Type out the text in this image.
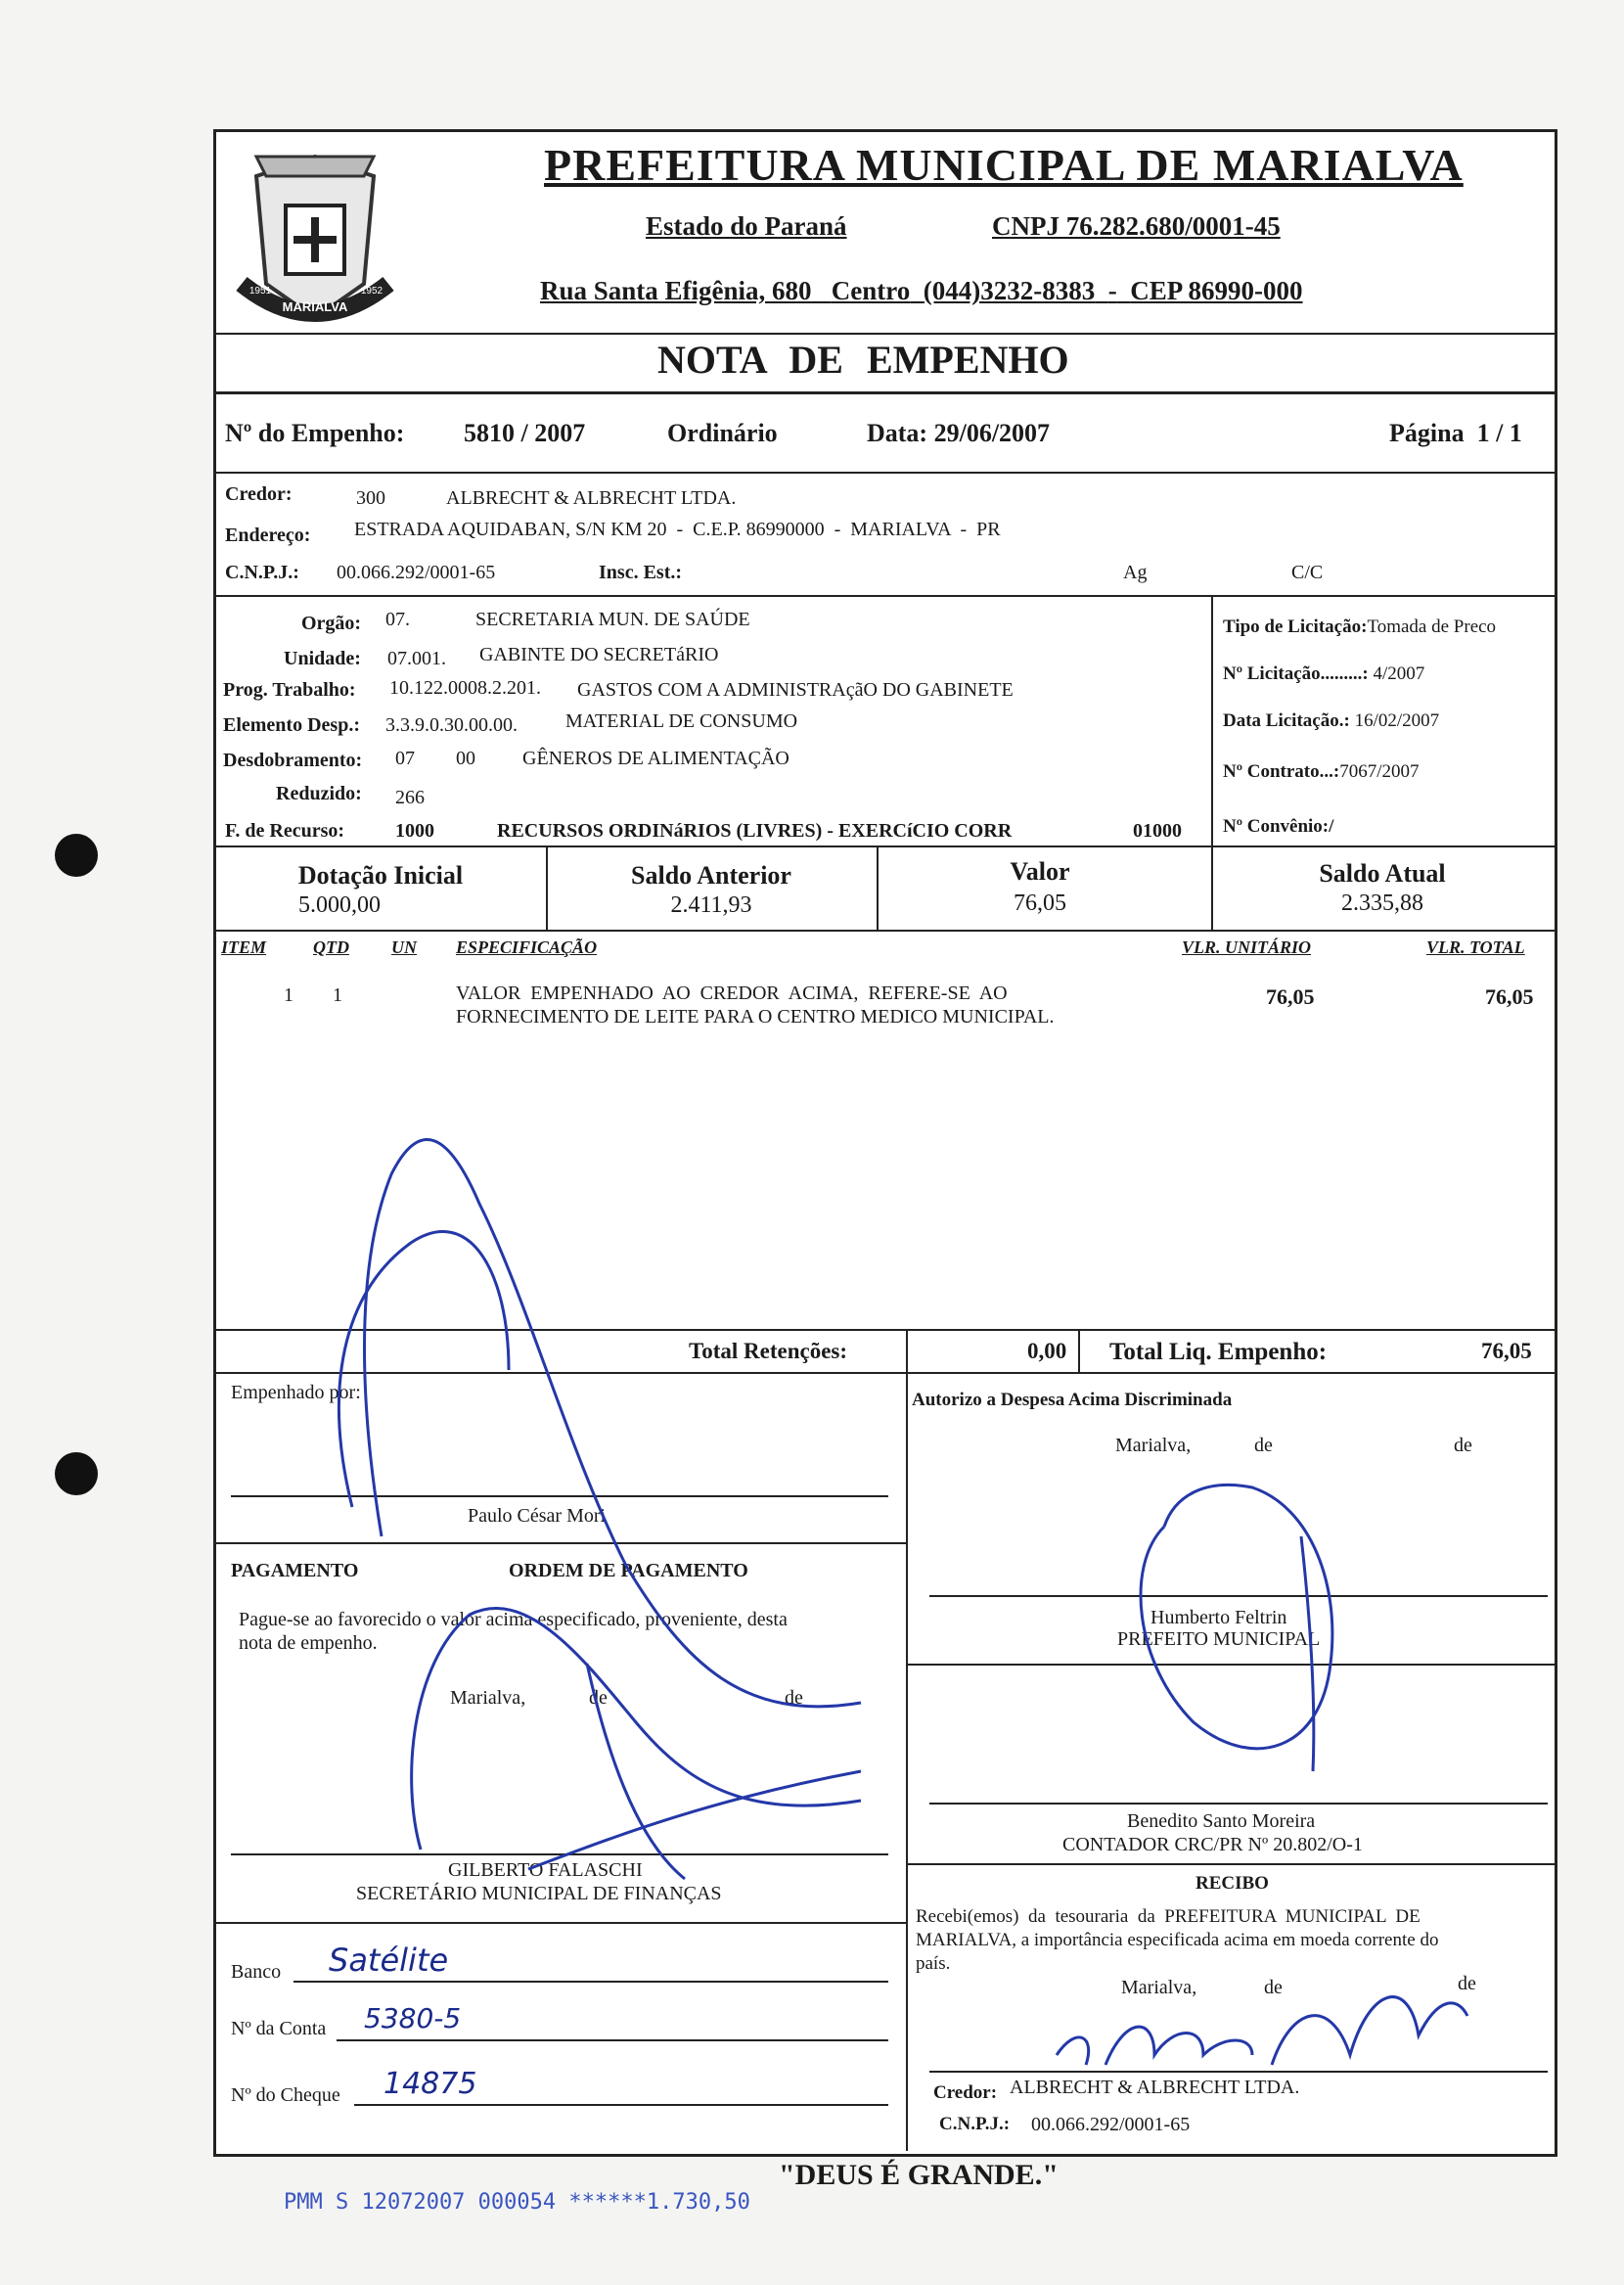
MARIALVA
1951	1952
PREFEITURA MUNICIPAL DE MARIALVA
Estado do Paraná	CNPJ 76.282.680/0001-45
Rua Santa Efigênia, 680 Centro (044)3232-8383 - CEP 86990-000
NOTA DE EMPENHO
Nº do Empenho: 5810 / 2007	Ordinário	Data: 29/06/2007	Página  1 / 1
Credor:	300	ALBRECHT & ALBRECHT LTDA.
Endereço: ESTRADA AQUIDABAN, S/N KM 20  -  C.E.P. 86990000  -  MARIALVA  -  PR
C.N.P.J.: 00.066.292/0001-65	Insc. Est.:	Ag	C/C
Orgão: 07.	SECRETARIA MUN. DE SAÚDE
Unidade: 07.001. GABINTE DO SECRETáRIO
Prog. Trabalho: 10.122.0008.2.201. GASTOS COM A ADMINISTRAçãO DO GABINETE
Elemento Desp.: 3.3.9.0.30.00.00. MATERIAL DE CONSUMO
Desdobramento: 07 00 GÊNEROS DE ALIMENTAÇÃO
Reduzido: 266
F. de Recurso:	1000	RECURSOS ORDINáRIOS (LIVRES) - EXERCíCIO CORR	01000
Tipo de Licitação:Tomada de Preco
Nº Licitação.........: 4/2007
Data Licitação.: 16/02/2007
Nº Contrato...:7067/2007
Nº Convênio:/
Dotação Inicial
5.000,00
Saldo Anterior
2.411,93
Valor
76,05
Saldo Atual
2.335,88
ITEM	QTD UN ESPECIFICAÇÃO	VLR. UNITÁRIO	VLR. TOTAL
1 1	VALOR  EMPENHADO  AO  CREDOR  ACIMA,  REFERE-SE  AO
FORNECIMENTO DE LEITE PARA O CENTRO MEDICO MUNICIPAL.
76,05	76,05
Total Retenções:	0,00 Total Liq. Empenho:	76,05
Empenhado por:
Paulo César Mori
PAGAMENTO	ORDEM DE PAGAMENTO
Pague-se ao favorecido o valor acima especificado, proveniente, desta
nota de empenho.
Marialva,	de	de
GILBERTO FALASCHI
SECRETÁRIO MUNICIPAL DE FINANÇAS
Banco Satélite
Nº da Conta 5380-5
Nº do Cheque 14875
Autorizo a Despesa Acima Discriminada
Marialva,	de	de
Humberto Feltrin
PREFEITO MUNICIPAL
Benedito Santo Moreira
CONTADOR CRC/PR Nº 20.802/O-1
RECIBO
Recebi(emos)  da  tesouraria  da  PREFEITURA  MUNICIPAL  DE
MARIALVA, a importância especificada acima em moeda corrente do
país.
Marialva,	de	de
Credor: ALBRECHT & ALBRECHT LTDA.
C.N.P.J.: 00.066.292/0001-65
"DEUS É GRANDE."
PMM S 12072007 000054 ******1.730,50
